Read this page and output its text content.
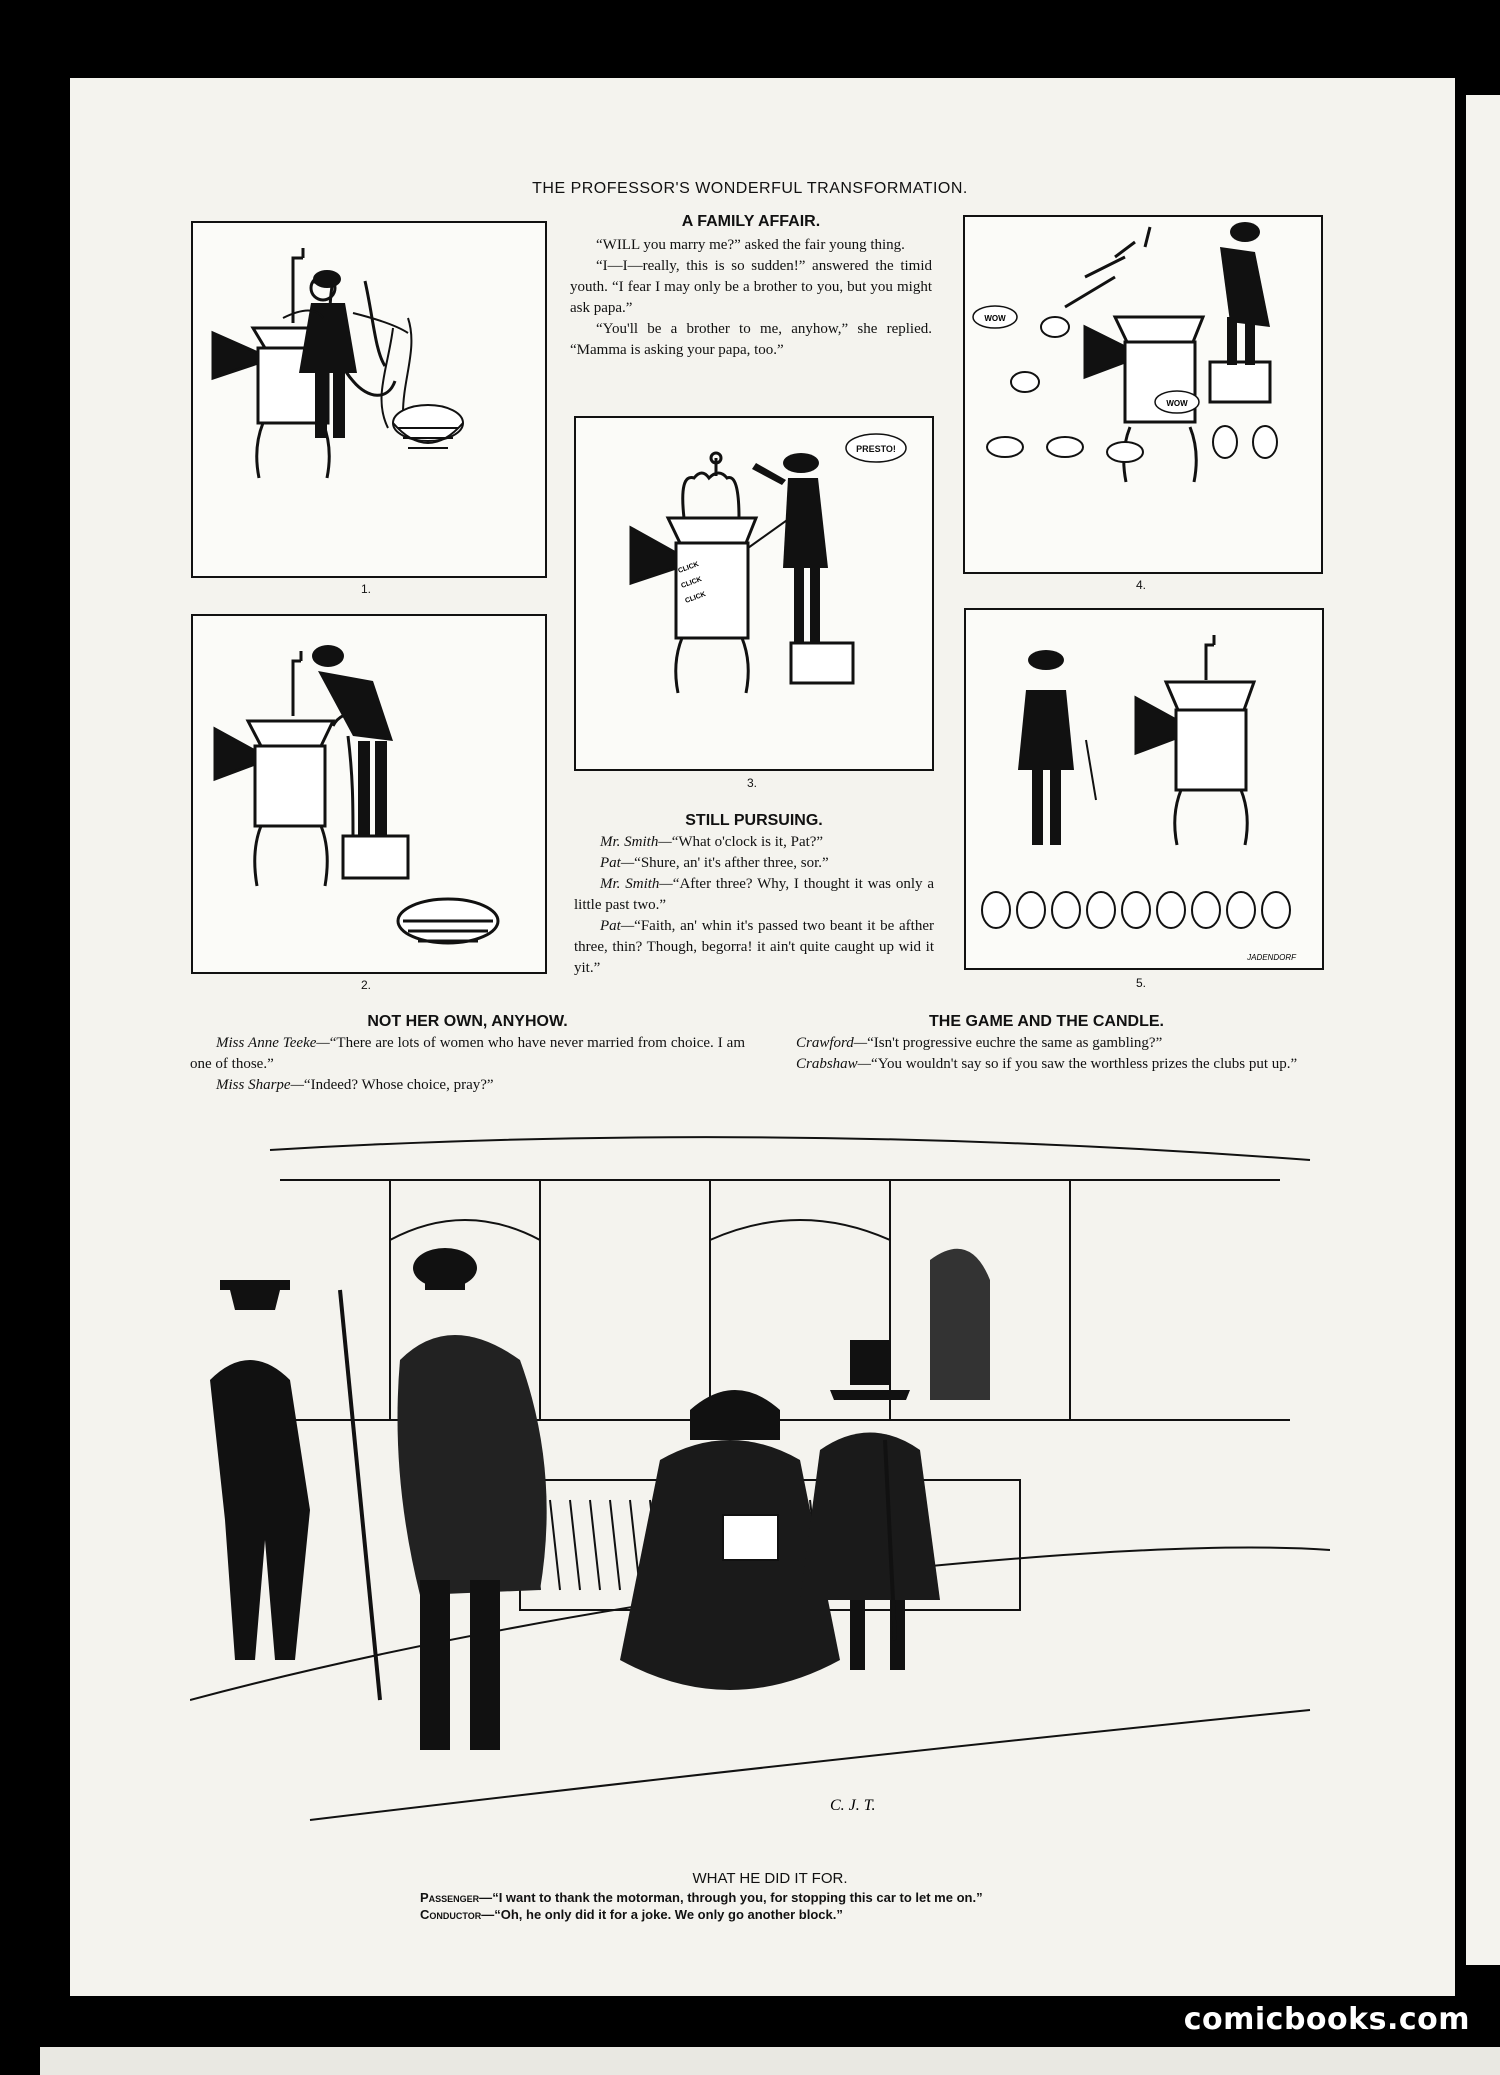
THE PROFESSOR'S WONDERFUL TRANSFORMATION.
1.
2.
PRESTO!
CLICK
CLICK
CLICK
3.
WOW
WOW
4.
JADENDORF
5.
A FAMILY AFFAIR.

“WILL you marry me?” asked the fair young thing.

“I—I—really, this is so sudden!” answered the timid youth. “I fear I may only be a brother to you, but you might ask papa.”

“You'll be a brother to me, anyhow,” she replied. “Mamma is asking your papa, too.”

STILL PURSUING.

Mr. Smith—“What o'clock is it, Pat?”

Pat—“Shure, an' it's afther three, sor.”

Mr. Smith—“After three? Why, I thought it was only a little past two.”

Pat—“Faith, an' whin it's passed two beant it be afther three, thin? Though, begorra! it ain't quite caught up wid it yit.”

NOT HER OWN, ANYHOW.

Miss Anne Teeke—“There are lots of women who have never married from choice. I am one of those.”

Miss Sharpe—“Indeed? Whose choice, pray?”

THE GAME AND THE CANDLE.

Crawford—“Isn't progressive euchre the same as gambling?”

Crabshaw—“You wouldn't say so if you saw the worthless prizes the clubs put up.”

C. J. T.
WHAT HE DID IT FOR.
Passenger—“I want to thank the motorman, through you, for stopping this car to let me on.”
Conductor—“Oh, he only did it for a joke. We only go another block.”
comicbooks.com
